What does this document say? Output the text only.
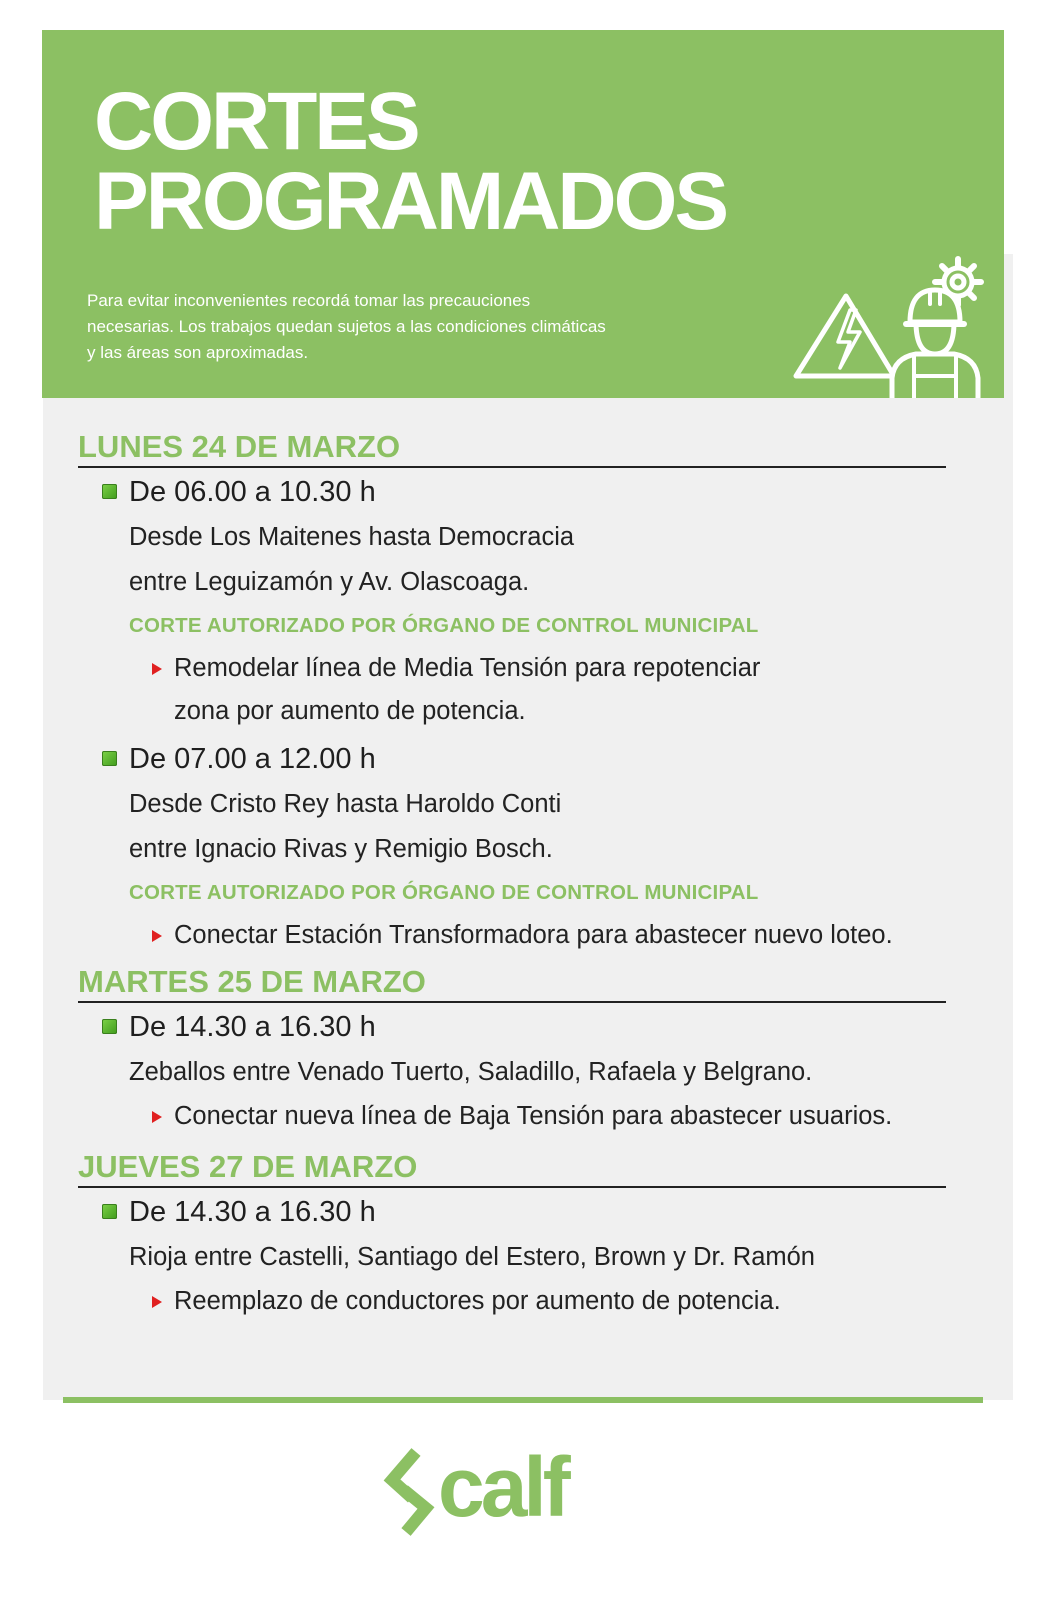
CORTES
PROGRAMADOS

Para evitar inconvenientes recordá tomar las precauciones necesarias. Los trabajos quedan sujetos a las condiciones climáticas y las áreas son aproximadas.

LUNES 24 DE MARZO
De 06.00 a 10.30 h
Desde Los Maitenes hasta Democracia
entre Leguizamón y Av. Olascoaga.
CORTE AUTORIZADO POR ÓRGANO DE CONTROL MUNICIPAL
Remodelar línea de Media Tensión para repotenciar
zona por aumento de potencia.
De 07.00 a 12.00 h
Desde Cristo Rey hasta Haroldo Conti
entre Ignacio Rivas y Remigio Bosch.
CORTE AUTORIZADO POR ÓRGANO DE CONTROL MUNICIPAL
Conectar Estación Transformadora para abastecer nuevo loteo.
MARTES 25 DE MARZO
De 14.30 a 16.30 h
Zeballos entre Venado Tuerto, Saladillo, Rafaela y Belgrano.
Conectar nueva línea de Baja Tensión para abastecer usuarios.
JUEVES 27 DE MARZO
De 14.30 a 16.30 h
Rioja entre Castelli, Santiago del Estero, Brown y Dr. Ramón
Reemplazo de conductores por aumento de potencia.

calf
